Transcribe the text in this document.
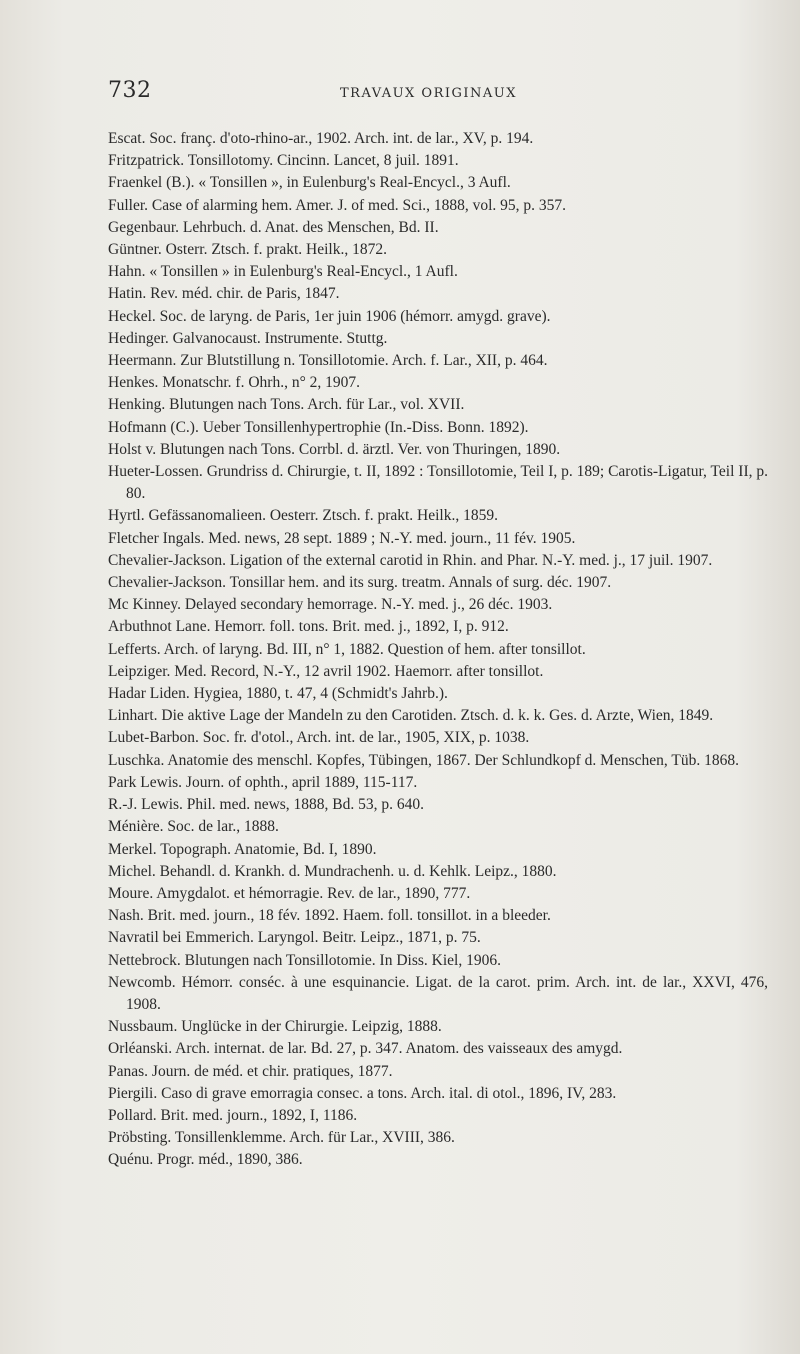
732	TRAVAUX ORIGINAUX

Escat. Soc. franç. d'oto-rhino-ar., 1902. Arch. int. de lar., XV, p. 194.

Fritzpatrick. Tonsillotomy. Cincinn. Lancet, 8 juil. 1891.

Fraenkel (B.). « Tonsillen », in Eulenburg's Real-Encycl., 3 Aufl.

Fuller. Case of alarming hem. Amer. J. of med. Sci., 1888, vol. 95, p. 357.

Gegenbaur. Lehrbuch. d. Anat. des Menschen, Bd. II.

Güntner. Osterr. Ztsch. f. prakt. Heilk., 1872.

Hahn. « Tonsillen » in Eulenburg's Real-Encycl., 1 Aufl.

Hatin. Rev. méd. chir. de Paris, 1847.

Heckel. Soc. de laryng. de Paris, 1er juin 1906 (hémorr. amygd. grave).

Hedinger. Galvanocaust. Instrumente. Stuttg.

Heermann. Zur Blutstillung n. Tonsillotomie. Arch. f. Lar., XII, p. 464.

Henkes. Monatschr. f. Ohrh., n° 2, 1907.

Henking. Blutungen nach Tons. Arch. für Lar., vol. XVII.

Hofmann (C.). Ueber Tonsillenhypertrophie (In.-Diss. Bonn. 1892).

Holst v. Blutungen nach Tons. Corrbl. d. ärztl. Ver. von Thuringen, 1890.

Hueter-Lossen. Grundriss d. Chirurgie, t. II, 1892 : Tonsillotomie, Teil I, p. 189; Carotis-Ligatur, Teil II, p. 80.

Hyrtl. Gefässanomalieen. Oesterr. Ztsch. f. prakt. Heilk., 1859.

Fletcher Ingals. Med. news, 28 sept. 1889 ; N.-Y. med. journ., 11 fév. 1905.

Chevalier-Jackson. Ligation of the external carotid in Rhin. and Phar. N.-Y. med. j., 17 juil. 1907.

Chevalier-Jackson. Tonsillar hem. and its surg. treatm. Annals of surg. déc. 1907.

Mc Kinney. Delayed secondary hemorrage. N.-Y. med. j., 26 déc. 1903.

Arbuthnot Lane. Hemorr. foll. tons. Brit. med. j., 1892, I, p. 912.

Lefferts. Arch. of laryng. Bd. III, n° 1, 1882. Question of hem. after tonsillot.

Leipziger. Med. Record, N.-Y., 12 avril 1902. Haemorr. after tonsillot.

Hadar Liden. Hygiea, 1880, t. 47, 4 (Schmidt's Jahrb.).

Linhart. Die aktive Lage der Mandeln zu den Carotiden. Ztsch. d. k. k. Ges. d. Arzte, Wien, 1849.

Lubet-Barbon. Soc. fr. d'otol., Arch. int. de lar., 1905, XIX, p. 1038.

Luschka. Anatomie des menschl. Kopfes, Tübingen, 1867. Der Schlundkopf d. Menschen, Tüb. 1868.

Park Lewis. Journ. of ophth., april 1889, 115-117.

R.-J. Lewis. Phil. med. news, 1888, Bd. 53, p. 640.

Ménière. Soc. de lar., 1888.

Merkel. Topograph. Anatomie, Bd. I, 1890.

Michel. Behandl. d. Krankh. d. Mundrachenh. u. d. Kehlk. Leipz., 1880.

Moure. Amygdalot. et hémorragie. Rev. de lar., 1890, 777.

Nash. Brit. med. journ., 18 fév. 1892. Haem. foll. tonsillot. in a bleeder.

Navratil bei Emmerich. Laryngol. Beitr. Leipz., 1871, p. 75.

Nettebrock. Blutungen nach Tonsillotomie. In Diss. Kiel, 1906.

Newcomb. Hémorr. conséc. à une esquinancie. Ligat. de la carot. prim. Arch. int. de lar., XXVI, 476, 1908.

Nussbaum. Unglücke in der Chirurgie. Leipzig, 1888.

Orléanski. Arch. internat. de lar. Bd. 27, p. 347. Anatom. des vaisseaux des amygd.

Panas. Journ. de méd. et chir. pratiques, 1877.

Piergili. Caso di grave emorragia consec. a tons. Arch. ital. di otol., 1896, IV, 283.

Pollard. Brit. med. journ., 1892, I, 1186.

Pröbsting. Tonsillenklemme. Arch. für Lar., XVIII, 386.

Quénu. Progr. méd., 1890, 386.
